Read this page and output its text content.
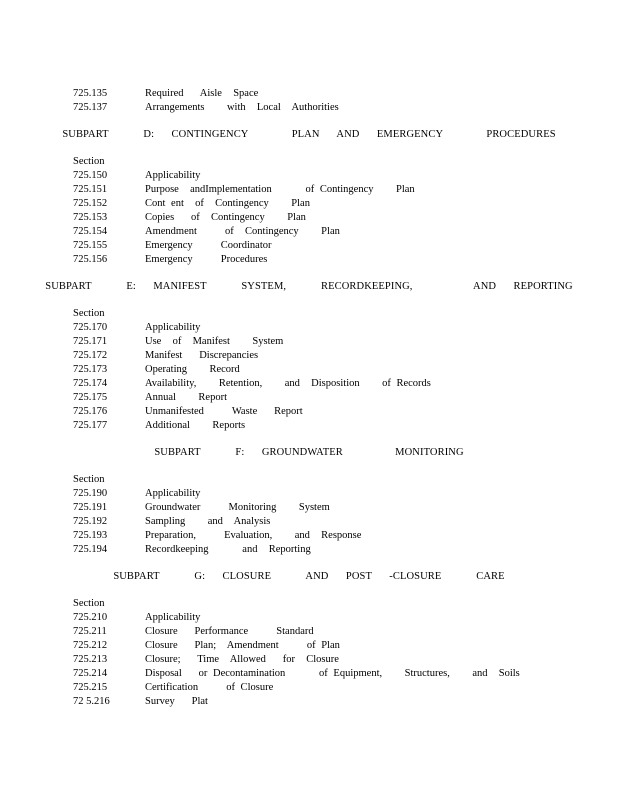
725.135	Required   Aisle  Space
725.137	Arrangements    with  Local  Authorities
SUBPART    D:  CONTINGENCY     PLAN  AND  EMERGENCY     PROCEDURES
Section
725.150	Applicability
725.151	Purpose  andImplementation      of Contingency    Plan
725.152	Cont ent  of  Contingency    Plan
725.153	Copies   of  Contingency    Plan
725.154	Amendment     of  Contingency    Plan
725.155	Emergency     Coordinator
725.156	Emergency     Procedures
SUBPART    E:  MANIFEST    SYSTEM,    RECORDKEEPING,       AND  REPORTING
Section
725.170	Applicability
725.171	Use  of  Manifest    System
725.172	Manifest   Discrepancies
725.173	Operating    Record
725.174	Availability,    Retention,    and  Disposition    of Records
725.175	Annual    Report
725.176	Unmanifested     Waste   Report
725.177	Additional    Reports
SUBPART    F:  GROUNDWATER      MONITORING
Section
725.190	Applicability
725.191	Groundwater     Monitoring    System
725.192	Sampling    and  Analysis
725.193	Preparation,     Evaluation,    and  Response
725.194	Recordkeeping      and  Reporting
SUBPART    G:  CLOSURE    AND  POST  -CLOSURE    CARE
Section
725.210	Applicability
725.211	Closure   Performance     Standard
725.212	Closure   Plan;  Amendment     of Plan
725.213	Closure;   Time  Allowed   for  Closure
725.214	Disposal   or Decontamination      of Equipment,    Structures,    and  Soils
725.215	Certification     of Closure
72 5.216	Survey   Plat
